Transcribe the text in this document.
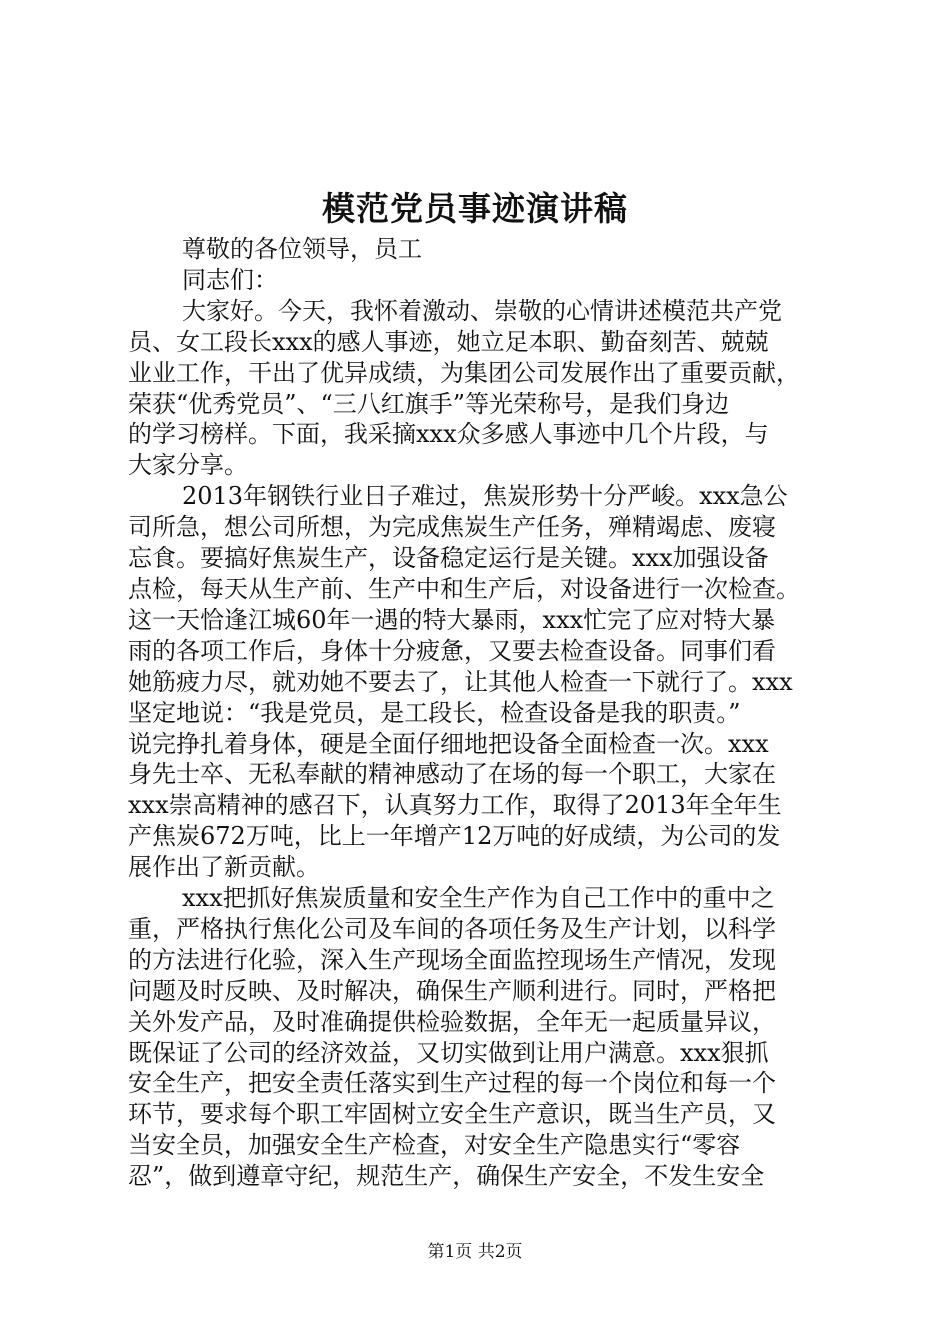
模范党员事迹演讲稿
尊敬的各位领导，员工
同志们：
大家好。今天，我怀着激动、崇敬的心情讲述模范共产党
员、女工段长xxx的感人事迹，她立足本职、勤奋刻苦、兢兢
业业工作，干出了优异成绩，为集团公司发展作出了重要贡献，
荣获“优秀党员”、“三八红旗手”等光荣称号，是我们身边
的学习榜样。下面，我采摘xxx众多感人事迹中几个片段，与
大家分享。
2013年钢铁行业日子难过，焦炭形势十分严峻。xxx急公
司所急，想公司所想，为完成焦炭生产任务，殚精竭虑、废寝
忘食。要搞好焦炭生产，设备稳定运行是关键。xxx加强设备
点检，每天从生产前、生产中和生产后，对设备进行一次检查。
这一天恰逢江城60年一遇的特大暴雨，xxx忙完了应对特大暴
雨的各项工作后，身体十分疲惫，又要去检查设备。同事们看
她筋疲力尽，就劝她不要去了，让其他人检查一下就行了。xxx
坚定地说：“我是党员，是工段长，检查设备是我的职责。”
说完挣扎着身体，硬是全面仔细地把设备全面检查一次。xxx
身先士卒、无私奉献的精神感动了在场的每一个职工，大家在
xxx崇高精神的感召下，认真努力工作，取得了2013年全年生
产焦炭672万吨，比上一年增产12万吨的好成绩，为公司的发
展作出了新贡献。
xxx把抓好焦炭质量和安全生产作为自己工作中的重中之
重，严格执行焦化公司及车间的各项任务及生产计划，以科学
的方法进行化验，深入生产现场全面监控现场生产情况，发现
问题及时反映、及时解决，确保生产顺利进行。同时，严格把
关外发产品，及时准确提供检验数据，全年无一起质量异议，
既保证了公司的经济效益，又切实做到让用户满意。xxx狠抓
安全生产，把安全责任落实到生产过程的每一个岗位和每一个
环节，要求每个职工牢固树立安全生产意识，既当生产员，又
当安全员，加强安全生产检查，对安全生产隐患实行“零容
忍”，做到遵章守纪，规范生产，确保生产安全，不发生安全
第1页 共2页
